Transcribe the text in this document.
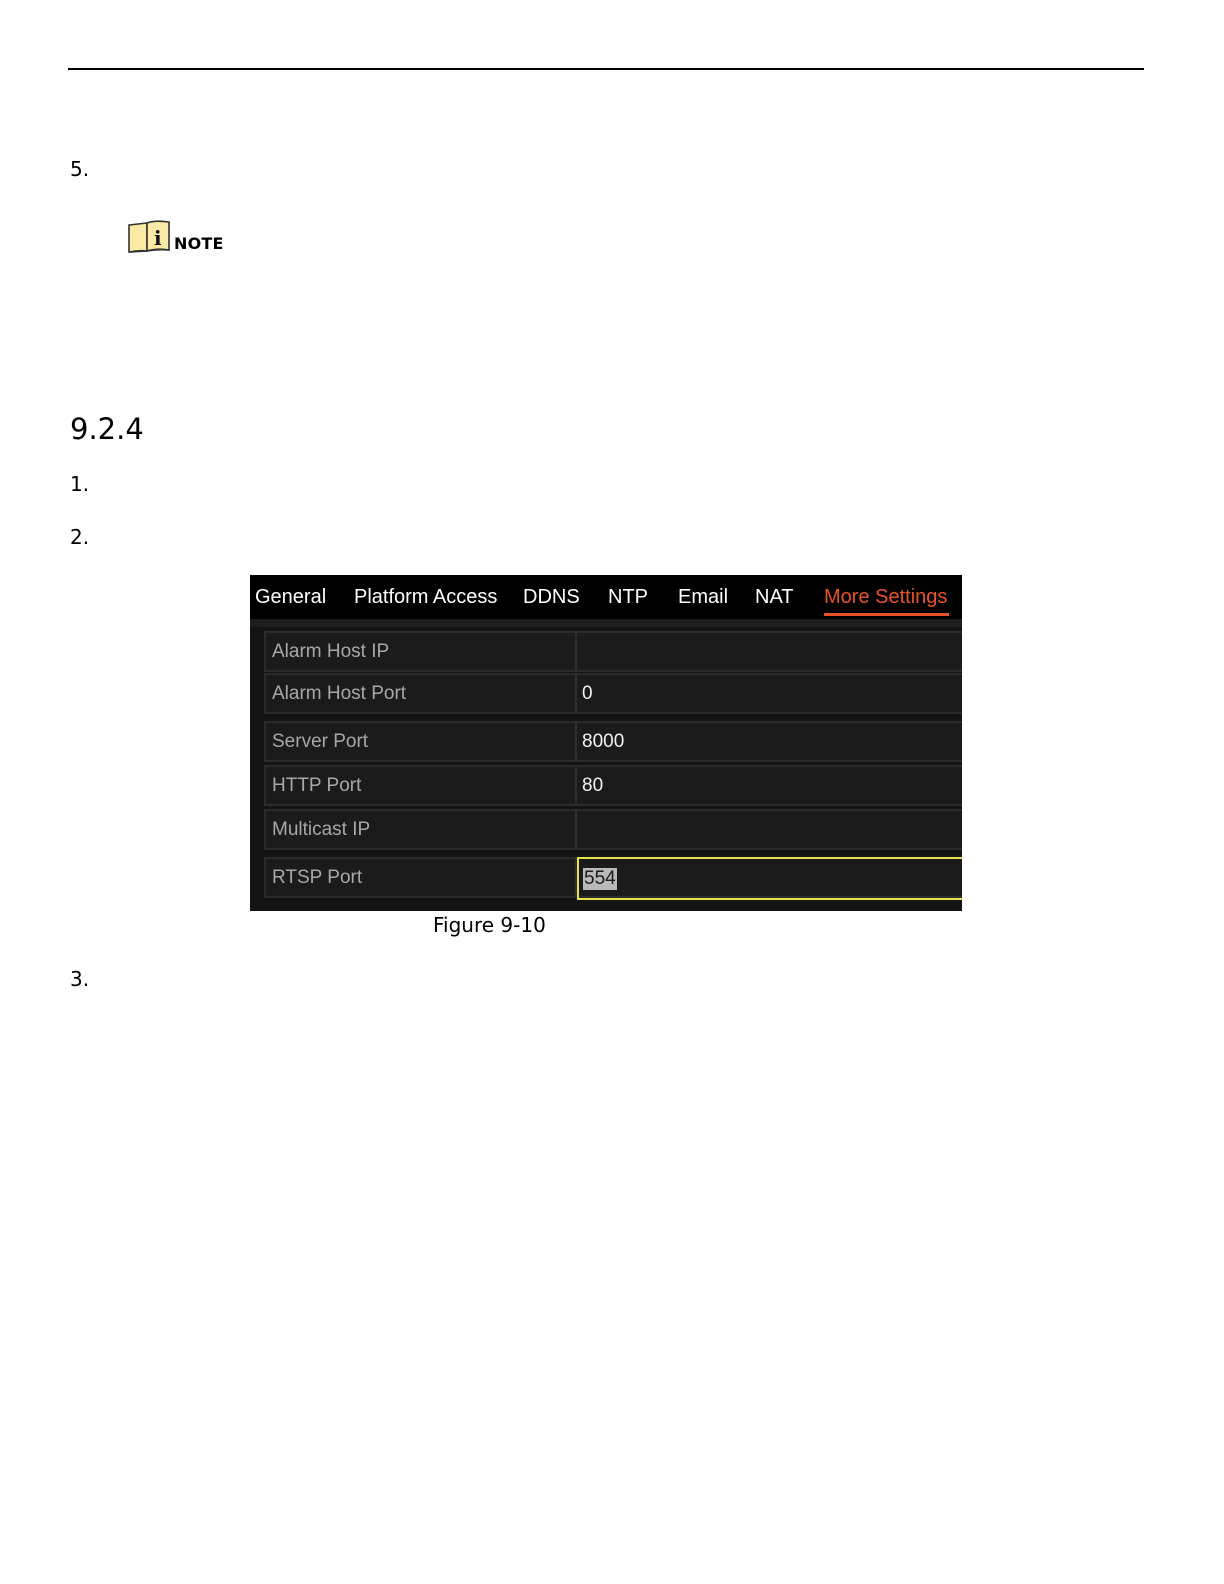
5.
i NOTE
9.2.4
1.
2.
General Platform Access DDNS NTP Email NAT More Settings
Alarm Host IP
Alarm Host Port	0
Server Port	8000
HTTP Port	80
Multicast IP
RTSP Port	554
Figure 9-10
3.
